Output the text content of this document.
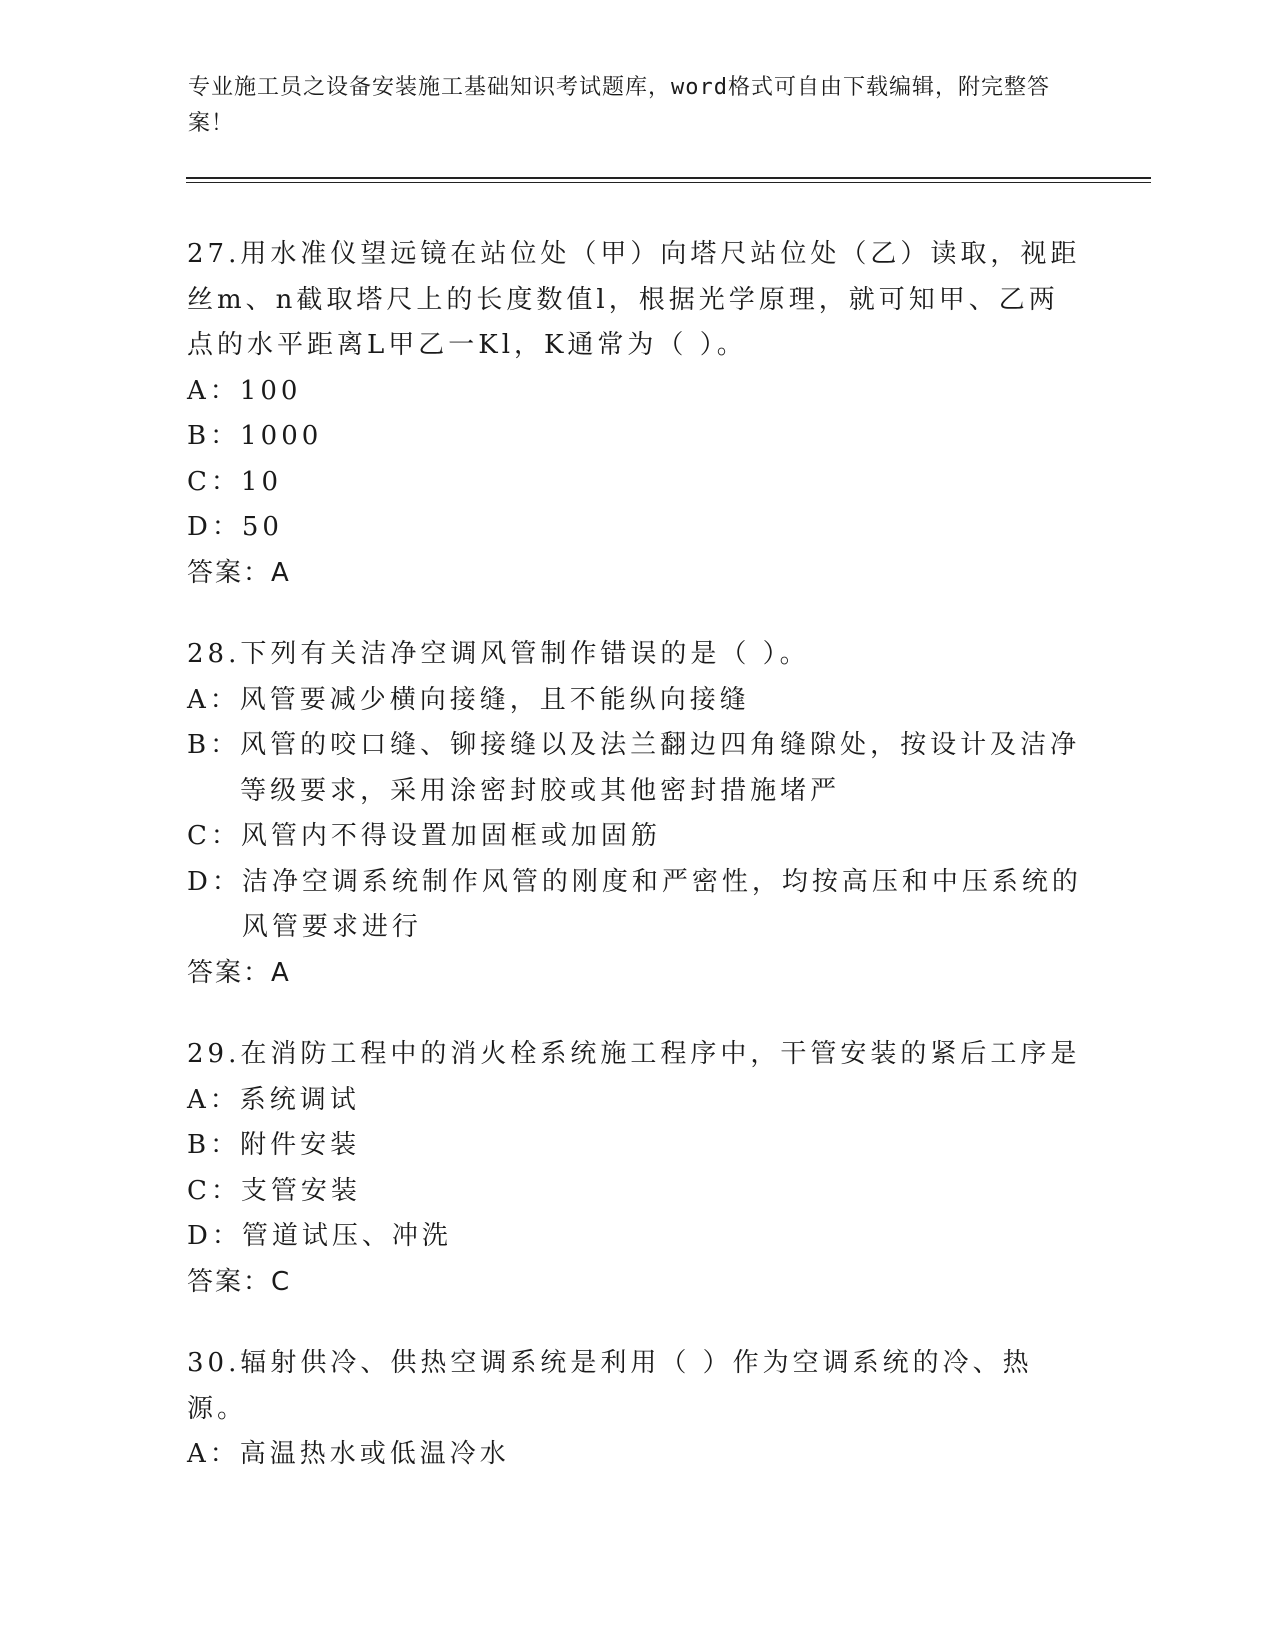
专业施工员之设备安装施工基础知识考试题库，word格式可自由下载编辑，附完整答案！
27.用水准仪望远镜在站位处（甲）向塔尺站位处（乙）读取，视距丝m、n截取塔尺上的长度数值l，根据光学原理，就可知甲、乙两点的水平距离L甲乙一Kl，K通常为（ ）。
A： 100
B： 1000
C： 10
D： 50
答案：A
28.下列有关洁净空调风管制作错误的是（ ）。
A： 风管要减少横向接缝，且不能纵向接缝
B： 风管的咬口缝、铆接缝以及法兰翻边四角缝隙处，按设计及洁净等级要求，采用涂密封胶或其他密封措施堵严
C： 风管内不得设置加固框或加固筋
D： 洁净空调系统制作风管的刚度和严密性，均按高压和中压系统的风管要求进行
答案：A
29.在消防工程中的消火栓系统施工程序中，干管安装的紧后工序是
A： 系统调试
B： 附件安装
C： 支管安装
D： 管道试压、冲洗
答案：C
30.辐射供冷、供热空调系统是利用（ ）作为空调系统的冷、热源。
A： 高温热水或低温冷水
